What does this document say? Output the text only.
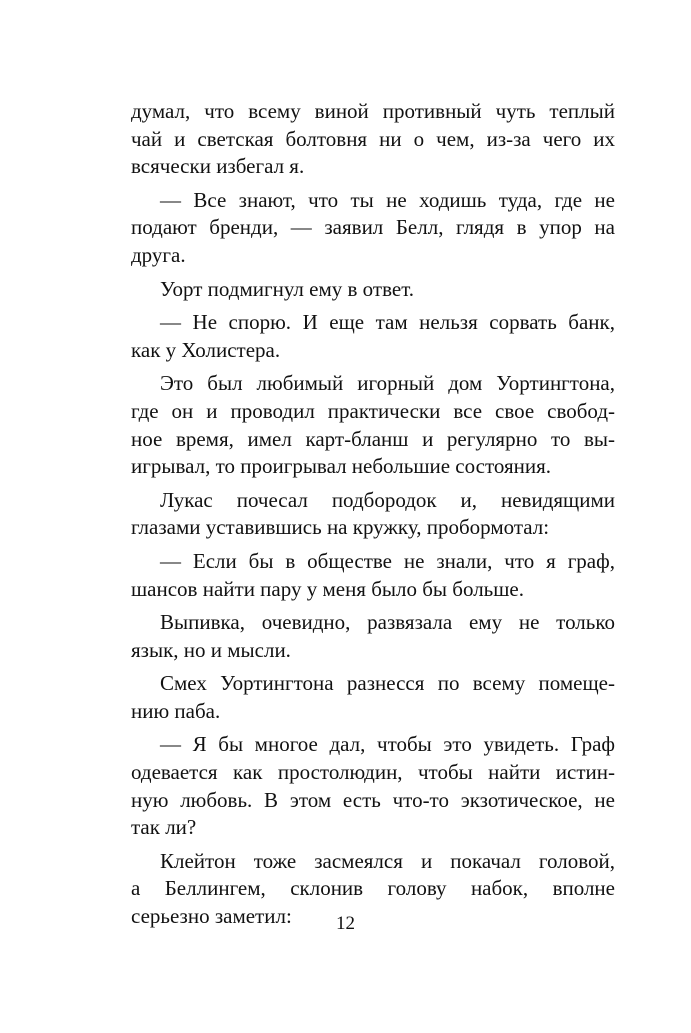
думал, что всему виной противный чуть теплый
чай и светская болтовня ни о чем, из-за чего их
всячески избегал я.
— Все знают, что ты не ходишь туда, где не
подают бренди, — заявил Белл, глядя в упор на
друга.
Уорт подмигнул ему в ответ.
— Не спорю. И еще там нельзя сорвать банк,
как у Холистера.
Это был любимый игорный дом Уортингтона,
где он и проводил практически все свое свобод-
ное время, имел карт-бланш и регулярно то вы-
игрывал, то проигрывал небольшие состояния.
Лукас почесал подбородок и, невидящими
глазами уставившись на кружку, пробормотал:
— Если бы в обществе не знали, что я граф,
шансов найти пару у меня было бы больше.
Выпивка, очевидно, развязала ему не только
язык, но и мысли.
Смех Уортингтона разнесся по всему помеще-
нию паба.
— Я бы многое дал, чтобы это увидеть. Граф
одевается как простолюдин, чтобы найти истин-
ную любовь. В этом есть что-то экзотическое, не
так ли?
Клейтон тоже засмеялся и покачал головой,
а Беллингем, склонив голову набок, вполне
серьезно заметил:	12
